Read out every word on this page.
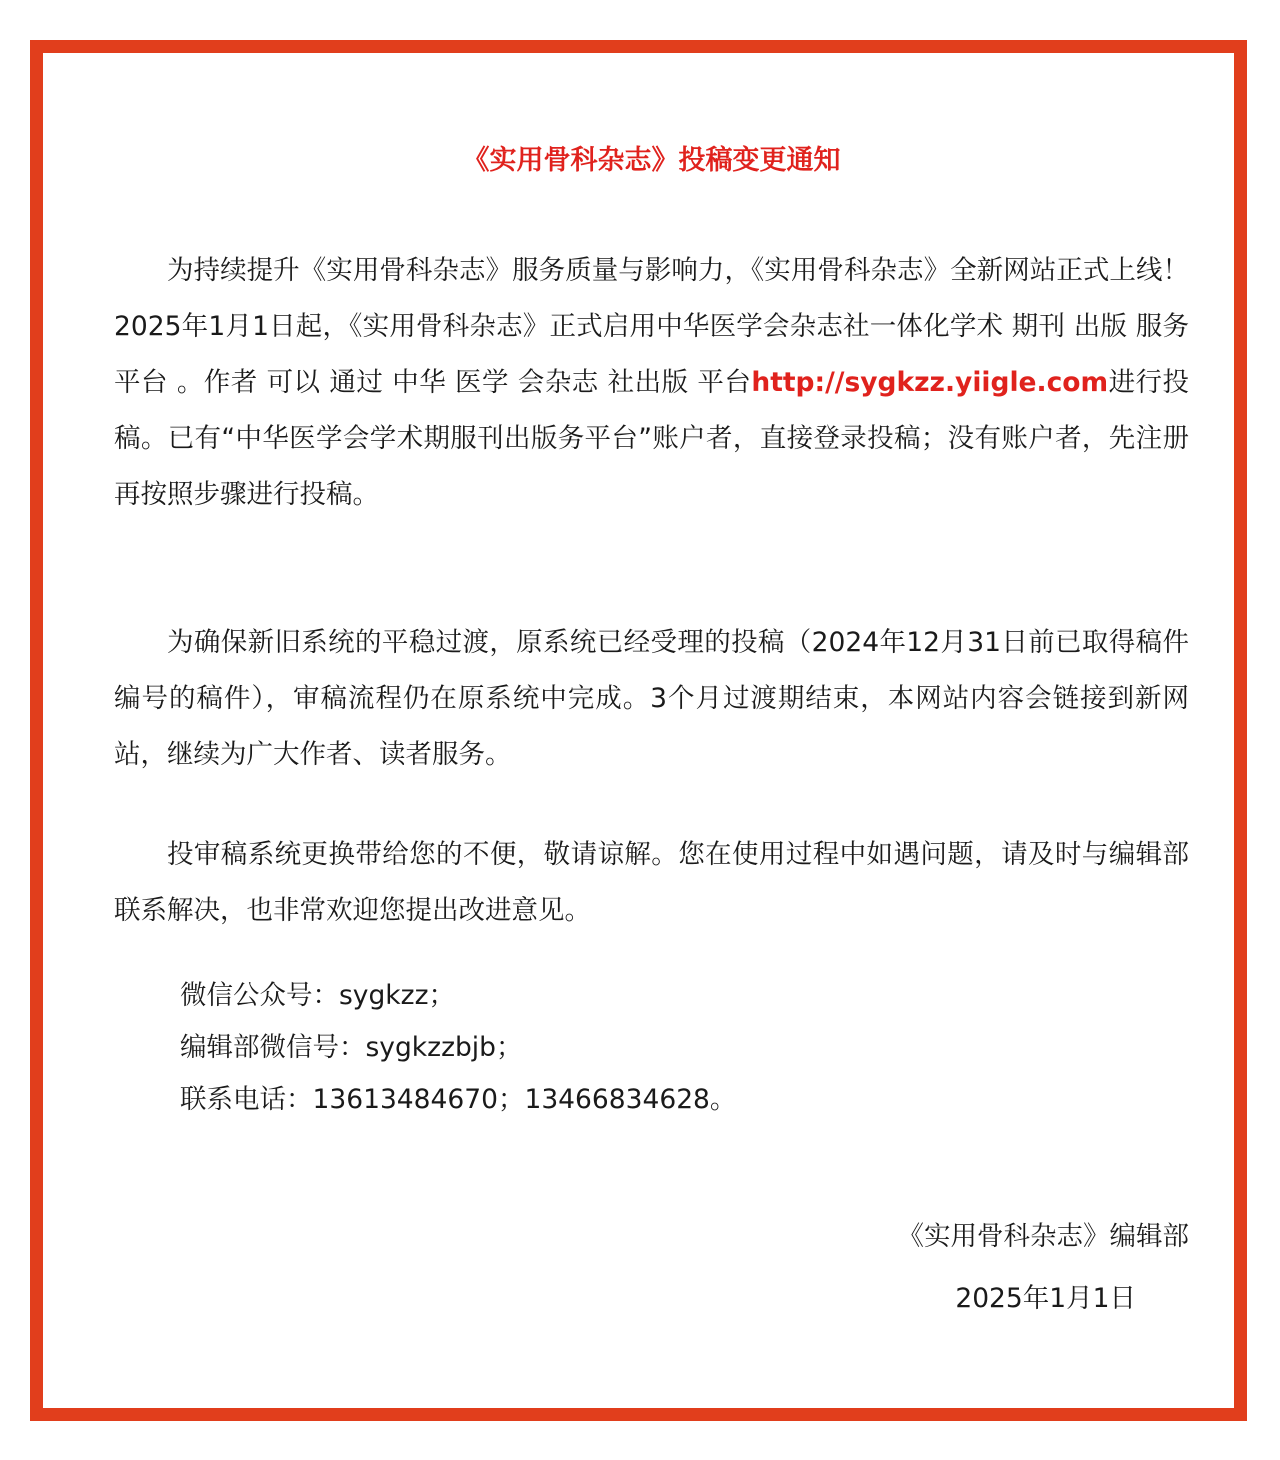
《实用骨科杂志》投稿变更通知

为持续提升《实用骨科杂志》服务质量与影响力，《实用骨科杂志》全新网站正式上线！2025年1月1日起，《实用骨科杂志》正式启用中华医学会杂志社一体化学术 期刊 出版 服务 平台 。作者 可以 通过 中华 医学 会杂志 社出版 平台http://sygkzz.yiigle.com进行投稿。已有“中华医学会学术期服刊出版务平台”账户者，直接登录投稿；没有账户者，先注册再按照步骤进行投稿。

为确保新旧系统的平稳过渡，原系统已经受理的投稿（2024年12月31日前已取得稿件编号的稿件），审稿流程仍在原系统中完成。3个月过渡期结束，本网站内容会链接到新网站，继续为广大作者、读者服务。

投审稿系统更换带给您的不便，敬请谅解。您在使用过程中如遇问题，请及时与编辑部联系解决，也非常欢迎您提出改进意见。

微信公众号：sygkzz；
编辑部微信号：sygkzzbjb；
联系电话：13613484670；13466834628。
《实用骨科杂志》编辑部
2025年1月1日
